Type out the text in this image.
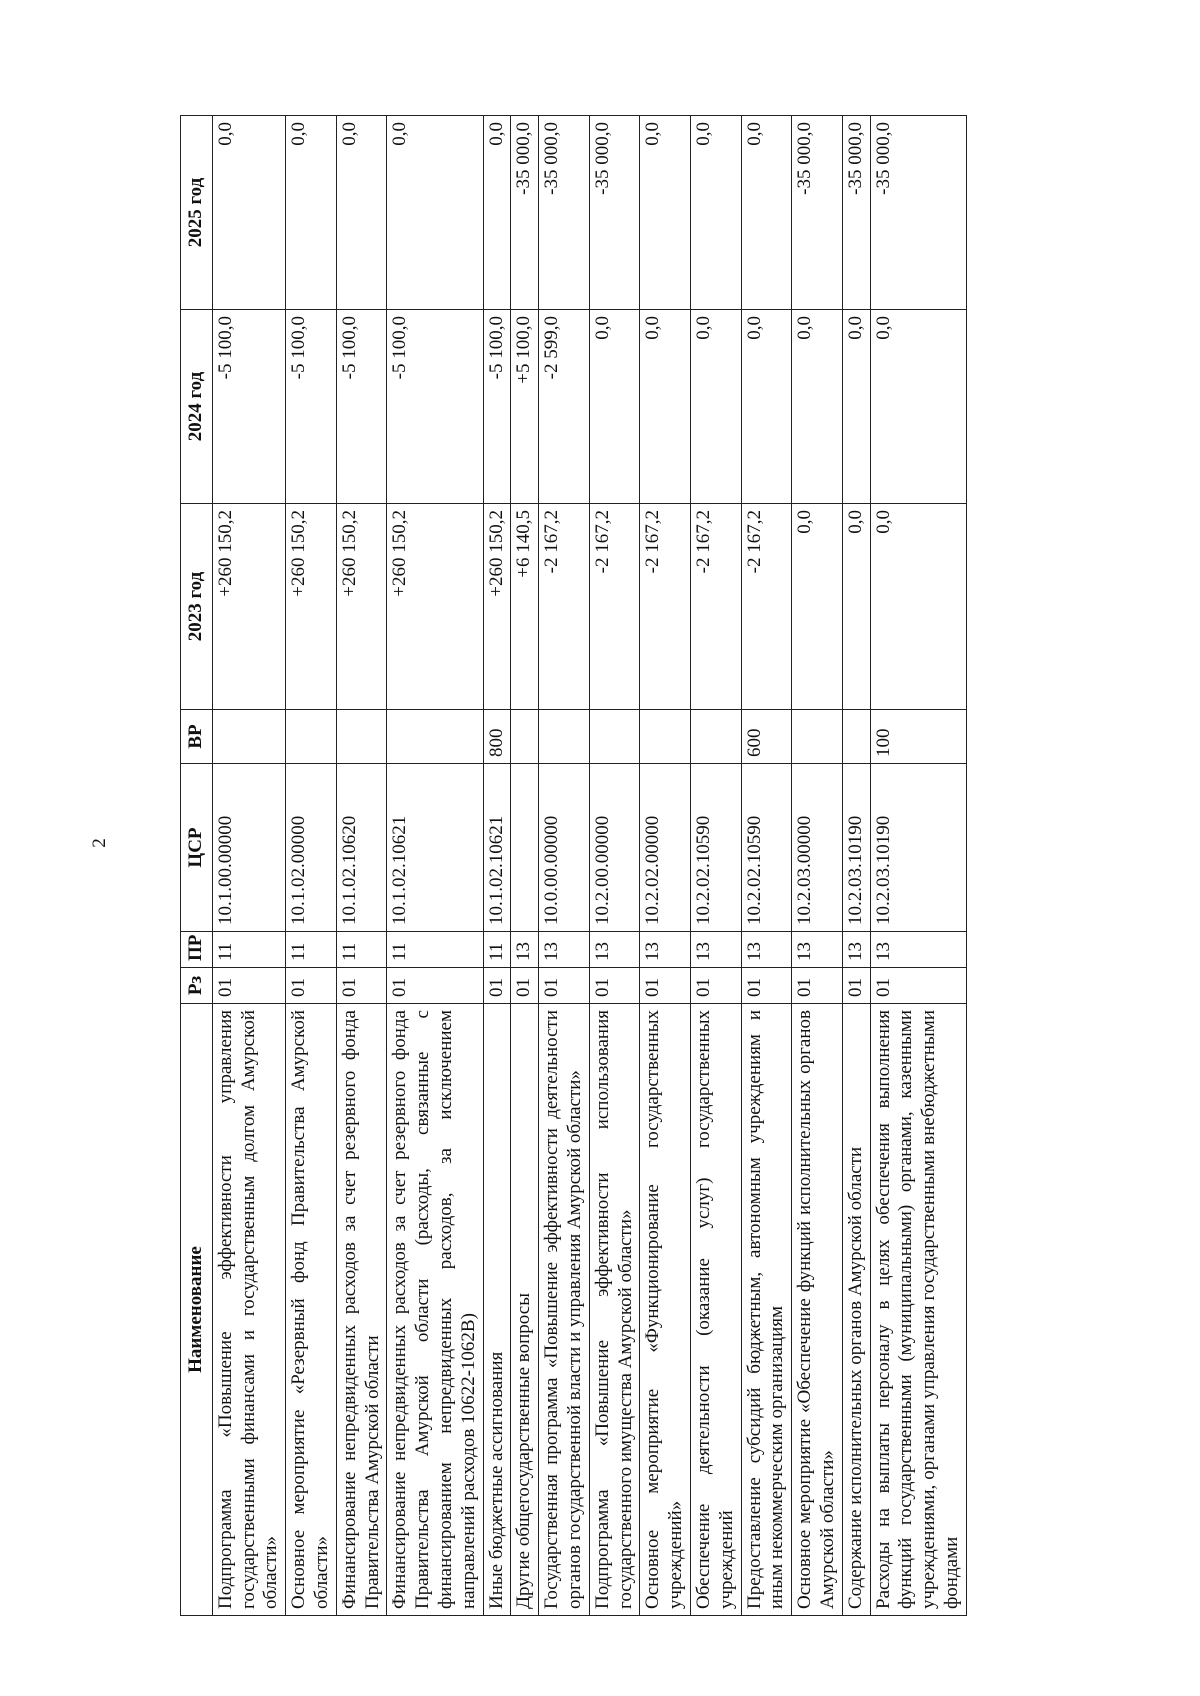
2
Наименование	Рз	ПР	ЦСР	ВР	2023 год	2024 год	2025 год
Подпрограмма «Повышение эффективности управления государственными финансами и государственным долгом Амурской области»	01	11	10.1.00.00000		+260 150,2	-5 100,0	0,0
Основное мероприятие «Резервный фонд Правительства Амурской области»	01	11	10.1.02.00000		+260 150,2	-5 100,0	0,0
Финансирование непредвиденных расходов за счет резервного фонда Правительства Амурской области	01	11	10.1.02.10620		+260 150,2	-5 100,0	0,0
Финансирование непредвиденных расходов за счет резервного фонда Правительства Амурской области (расходы, связанные с финансированием непредвиденных расходов, за исключением направлений расходов 10622-1062В)	01	11	10.1.02.10621		+260 150,2	-5 100,0	0,0
Иные бюджетные ассигнования	01	11	10.1.02.10621	800	+260 150,2	-5 100,0	0,0
Другие общегосударственные вопросы	01	13			+6 140,5	+5 100,0	-35 000,0
Государственная программа «Повышение эффективности деятельности органов государственной власти и управления Амурской области»	01	13	10.0.00.00000		-2 167,2	-2 599,0	-35 000,0
Подпрограмма «Повышение эффективности использования государственного имущества Амурской области»	01	13	10.2.00.00000		-2 167,2	0,0	-35 000,0
Основное мероприятие «Функционирование государственных учреждений»	01	13	10.2.02.00000		-2 167,2	0,0	0,0
Обеспечение деятельности (оказание услуг) государственных учреждений	01	13	10.2.02.10590		-2 167,2	0,0	0,0
Предоставление субсидий бюджетным, автономным учреждениям и иным некоммерческим организациям	01	13	10.2.02.10590	600	-2 167,2	0,0	0,0
Основное мероприятие «Обеспечение функций исполнительных органов Амурской области»	01	13	10.2.03.00000		0,0	0,0	-35 000,0
Содержание исполнительных органов Амурской области	01	13	10.2.03.10190		0,0	0,0	-35 000,0
Расходы на выплаты персоналу в целях обеспечения выполнения функций государственными (муниципальными) органами, казенными учреждениями, органами управления государственными внебюджетными фондами	01	13	10.2.03.10190	100	0,0	0,0	-35 000,0
